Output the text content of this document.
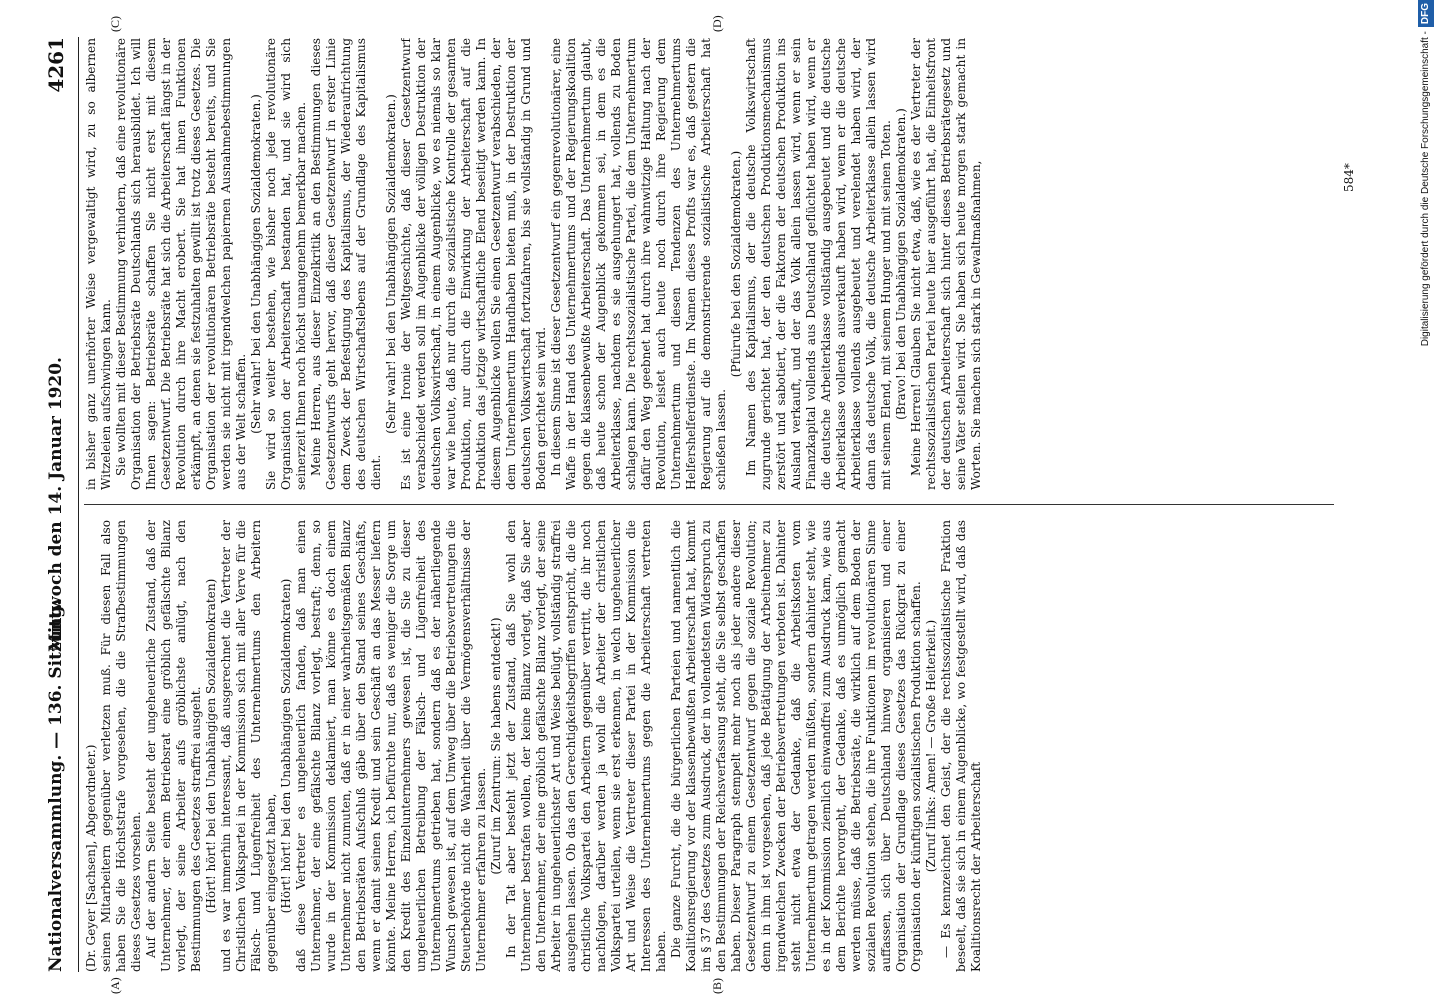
Nationalversammlung. — 136. Sitzung.
Mittwoch den 14. Januar 1920.
4261

(Dr. Geyer [Sachsen], Abgeordneter.) seinen Mitarbeitern gegenüber verletzen muß. Für diesen Fall also haben Sie die Höchststrafe vorgesehen, die die Strafbestimmungen dieses Gesetzes vorsehen. Auf der andern Seite besteht der ungeheuerliche Zustand, daß der Unternehmer, der einem Betriebsrat eine gröblich gefälschte Bilanz vorlegt, der seine Arbeiter aufs gröblichste anlügt, nach den Bestimmungen des Gesetzes straffrei ausgeht. (Hört! hört! bei den Unabhängigen Sozialdemokraten) und es war immerhin interessant, daß ausgerechnet die Vertreter der Christlichen Volkspartei in der Kommission sich mit aller Verve für die Fälsch- und Lügenfreiheit des Unternehmertums den Arbeitern gegenüber eingesetzt haben, (Hört! hört! bei den Unabhängigen Sozialdemokraten) daß diese Vertreter es ungeheuerlich fanden, daß man einen Unternehmer, der eine gefälschte Bilanz vorlegt, bestraft; denn, so wurde in der Kommission deklamiert, man könne es doch einem Unternehmer nicht zumuten, daß er in einer wahrheitsgemäßen Bilanz den Betriebsräten Aufschluß gäbe über den Stand seines Geschäfts, wenn er damit seinen Kredit und sein Geschäft an das Messer liefern könnte. Meine Herren, ich befürchte nur, daß es weniger die Sorge um den Kredit des Einzelunternehmers gewesen ist, die Sie zu dieser ungeheuerlichen Betreibung der Fälsch- und Lügenfreiheit des Unternehmertums getrieben hat, sondern daß es der näherliegende Wunsch gewesen ist, auf dem Umweg über die Betriebsvertretungen die Steuerbehörde nicht die Wahrheit über die Vermögensverhältnisse der Unternehmer erfahren zu lassen. (Zuruf im Zentrum: Sie habens entdeckt!) In der Tat aber besteht jetzt der Zustand, daß Sie wohl den Unternehmer bestrafen wollen, der keine Bilanz vorlegt, daß Sie aber den Unternehmer, der eine gröblich gefälschte Bilanz vorlegt, der seine Arbeiter in ungeheuerlichster Art und Weise belügt, vollständig straffrei ausgehen lassen. Ob das den Gerechtigkeitsbegriffen entspricht, die die christliche Volkspartei den Arbeitern gegenüber vertritt, die ihr noch nachfolgen, darüber werden ja wohl die Arbeiter der christlichen Volkspartei urteilen, wenn sie erst erkennen, in welch ungeheuerlicher Art und Weise die Vertreter dieser Partei in der Kommission die Interessen des Unternehmertums gegen die Arbeiterschaft vertreten haben. Die ganze Furcht, die die bürgerlichen Parteien und namentlich die Koalitionsregierung vor der klassenbewußten Arbeiterschaft hat, kommt im § 37 des Gesetzes zum Ausdruck, der in vollendetsten Widerspruch zu den Bestimmungen der Reichsverfassung steht, die Sie selbst geschaffen haben. Dieser Paragraph stempelt mehr noch als jeder andere dieser Gesetzentwurf zu einem Gesetzentwurf gegen die soziale Revolution; denn in ihm ist vorgesehen, daß jede Betätigung der Arbeitnehmer zu irgendwelchen Zwecken der Betriebsvertretungen verboten ist. Dahinter steht nicht etwa der Gedanke, daß die Arbeitskosten vom Unternehmertum getragen werden müßten, sondern dahinter steht, wie es in der Kommission ziemlich einwandfrei zum Ausdruck kam, wie aus dem Berichte hervorgeht, der Gedanke, daß es unmöglich gemacht werden müsse, daß die Betriebsräte, die wirklich auf dem Boden der sozialen Revolution stehen, die ihre Funktionen im revolutionären Sinne auffassen, sich über Deutschland hinweg organisieren und einer Organisation der Grundlage dieses Gesetzes das Rückgrat zu einer Organisation der künftigen sozialistischen Produktion schaffen. (Zuruf links: Amen! — Große Heiterkeit.) — Es kennzeichnet den Geist, der die rechtssozialistische Fraktion beseelt, daß sie sich in einem Augenblicke, wo festgestellt wird, daß das Koalitionsrecht der Arbeiterschaft

in bisher ganz unerhörter Weise vergewaltigt wird, zu so albernen Witzeleien aufschwingen kann. Sie wollten mit dieser Bestimmung verhindern, daß eine revolutionäre Organisation der Betriebsräte Deutschlands sich herausbildet. Ich will Ihnen sagen: Betriebsräte schaffen Sie nicht erst mit diesem Gesetzentwurf. Die Betriebsräte hat sich die Arbeiterschaft längst in der Revolution durch ihre Macht erobert. Sie hat ihnen Funktionen erkämpft, an denen sie festzuhalten gewillt ist trotz dieses Gesetzes. Die Organisation der revolutionären Betriebsräte besteht bereits, und Sie werden sie nicht mit irgendwelchen papiernen Ausnahmebestimmungen aus der Welt schaffen. (Sehr wahr! bei den Unabhängigen Sozialdemokraten.) Sie wird so weiter bestehen, wie bisher noch jede revolutionäre Organisation der Arbeiterschaft bestanden hat, und sie wird sich seinerzeit Ihnen noch höchst unangenehm bemerkbar machen. Meine Herren, aus dieser Einzelkritik an den Bestimmungen dieses Gesetzentwurfs geht hervor, daß dieser Gesetzentwurf in erster Linie dem Zweck der Befestigung des Kapitalismus, der Wiederaufrichtung des deutschen Wirtschaftslebens auf der Grundlage des Kapitalismus dient.

(Sehr wahr! bei den Unabhängigen Sozialdemokraten.) Es ist eine Ironie der Weltgeschichte, daß dieser Gesetzentwurf verabschiedet werden soll im Augenblicke der völligen Destruktion der deutschen Volkswirtschaft, in einem Augenblicke, wo es niemals so klar war wie heute, daß nur durch die sozialistische Kontrolle der gesamten Produktion, nur durch die Einwirkung der Arbeiterschaft auf die Produktion das jetzige wirtschaftliche Elend beseitigt werden kann. In diesem Augenblicke wollen Sie einen Gesetzentwurf verabschieden, der dem Unternehmertum Handhaben bieten muß, in der Destruktion der deutschen Volkswirtschaft fortzufahren, bis sie vollständig in Grund und Boden gerichtet sein wird. In diesem Sinne ist dieser Gesetzentwurf ein gegenrevolutionärer, eine Waffe in der Hand des Unternehmertums und der Regierungskoalition gegen die klassenbewußte Arbeiterschaft. Das Unternehmertum glaubt, daß heute schon der Augenblick gekommen sei, in dem es die Arbeiterklasse, nachdem es sie ausgehungert hat, vollends zu Boden schlagen kann. Die rechtssozialistische Partei, die dem Unternehmertum dafür den Weg geebnet hat durch ihre wahnwitzige Haltung nach der Revolution, leistet auch heute noch durch ihre Regierung dem Unternehmertum und diesen Tendenzen des Unternehmertums Helfershelferdienste. Im Namen dieses Profits war es, daß gestern die Regierung auf die demonstrierende sozialistische Arbeiterschaft hat schießen lassen.

(Pfuirufe bei den Sozialdemokraten.) Im Namen des Kapitalismus, der die deutsche Volkswirtschaft zugrunde gerichtet hat, der den deutschen Produktionsmechanismus zerstört und sabotiert, der die Faktoren der deutschen Produktion ins Ausland verkauft, und der das Volk allein lassen wird, wenn er sein Finanzkapital vollends aus Deutschland geflüchtet haben wird, wenn er die deutsche Arbeiterklasse vollständig ausgebeutet und die deutsche Arbeiterklasse vollends ausverkauft haben wird, wenn er die deutsche Arbeiterklasse vollends ausgebeutet und verelendet haben wird, der dann das deutsche Volk, die deutsche Arbeiterklasse allein lassen wird mit seinem Elend, mit seinem Hunger und mit seinen Toten. (Bravo! bei den Unabhängigen Sozialdemokraten.) Meine Herren! Glauben Sie nicht etwa, daß, wie es der Vertreter der rechtssozialistischen Partei heute hier ausgeführt hat, die Einheitsfront der deutschen Arbeiterschaft sich hinter dieses Betriebsrätegesetz und seine Väter stellen wird. Sie haben sich heute morgen stark gemacht in Worten. Sie machen sich stark in Gewaltmaßnahmen,

(A)	(B)
(C)	(D)
584*	Digitalisierung gefördert durch die Deutsche Forschungsgemeinschaft -DFG
